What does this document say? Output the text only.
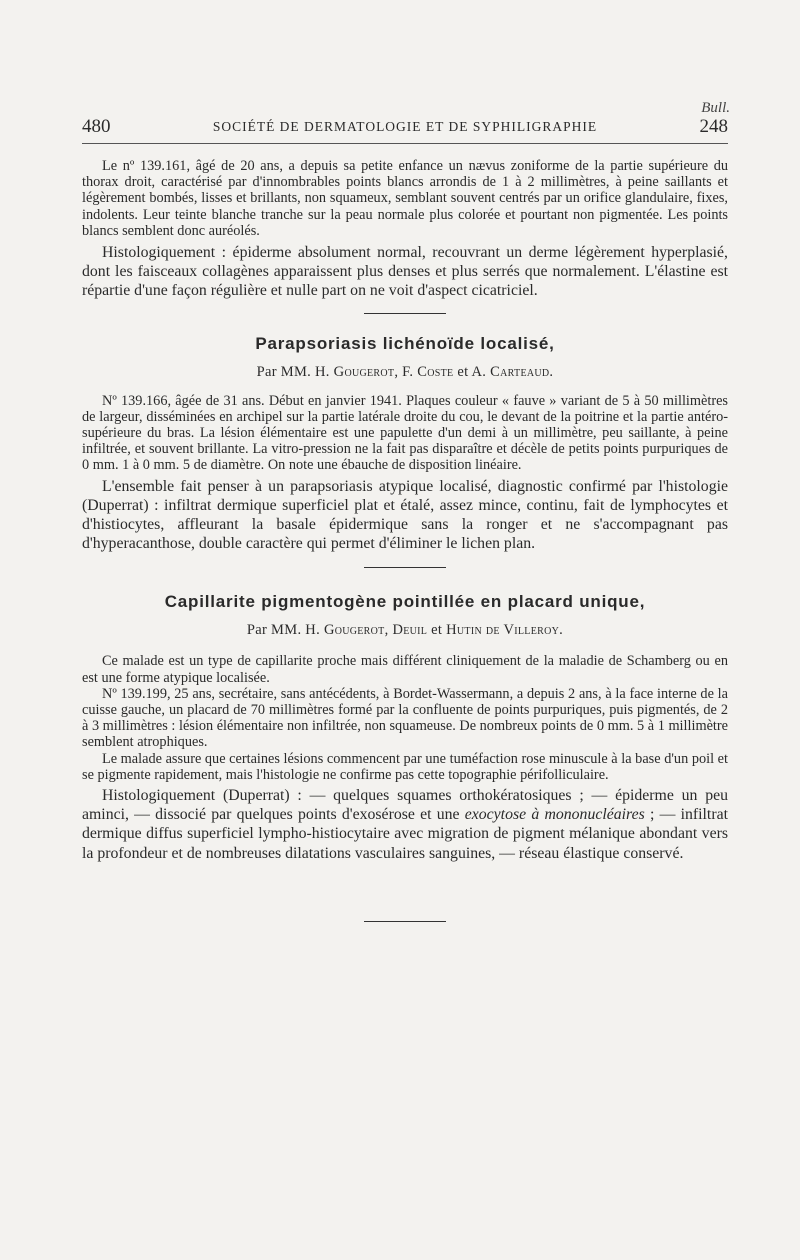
Bull.
480	SOCIÉTÉ DE DERMATOLOGIE ET DE SYPHILIGRAPHIE	248

Le nº 139.161, âgé de 20 ans, a depuis sa petite enfance un nævus zoniforme de la partie supérieure du thorax droit, caractérisé par d'innombrables points blancs arrondis de 1 à 2 millimètres, à peine saillants et légèrement bombés, lisses et brillants, non squameux, semblant souvent centrés par un orifice glandulaire, fixes, indolents. Leur teinte blanche tranche sur la peau normale plus colorée et pourtant non pigmentée. Les points blancs semblent donc auréolés.

Histologiquement : épiderme absolument normal, recouvrant un derme légèrement hyperplasié, dont les faisceaux collagènes apparaissent plus denses et plus serrés que normalement. L'élastine est répartie d'une façon régulière et nulle part on ne voit d'aspect cicatriciel.

Parapsoriasis lichénoïde localisé,
Par MM. H. Gougerot, F. Coste et A. Carteaud.

Nº 139.166, âgée de 31 ans. Début en janvier 1941. Plaques couleur « fauve » variant de 5 à 50 millimètres de largeur, disséminées en archipel sur la partie latérale droite du cou, le devant de la poitrine et la partie antéro-supérieure du bras. La lésion élémentaire est une papulette d'un demi à un millimètre, peu saillante, à peine infiltrée, et souvent brillante. La vitro-pression ne la fait pas disparaître et décèle de petits points purpuriques de 0 mm. 1 à 0 mm. 5 de diamètre. On note une ébauche de disposition linéaire.

L'ensemble fait penser à un parapsoriasis atypique localisé, diagnostic confirmé par l'histologie (Duperrat) : infiltrat dermique superficiel plat et étalé, assez mince, continu, fait de lymphocytes et d'histiocytes, affleurant la basale épidermique sans la ronger et ne s'accompagnant pas d'hyperacanthose, double caractère qui permet d'éliminer le lichen plan.

Capillarite pigmentogène pointillée en placard unique,
Par MM. H. Gougerot, Deuil et Hutin de Villeroy.

Ce malade est un type de capillarite proche mais différent cliniquement de la maladie de Schamberg ou en est une forme atypique localisée.

Nº 139.199, 25 ans, secrétaire, sans antécédents, à Bordet-Wassermann, a depuis 2 ans, à la face interne de la cuisse gauche, un placard de 70 millimètres formé par la confluente de points purpuriques, puis pigmentés, de 2 à 3 millimètres : lésion élémentaire non infiltrée, non squameuse. De nombreux points de 0 mm. 5 à 1 millimètre semblent atrophiques.

Le malade assure que certaines lésions commencent par une tuméfaction rose minuscule à la base d'un poil et se pigmente rapidement, mais l'histologie ne confirme pas cette topographie périfolliculaire.

Histologiquement (Duperrat) : — quelques squames orthokératosiques ; — épiderme un peu aminci, — dissocié par quelques points d'exosérose et une exocytose à mononucléaires ; — infiltrat dermique diffus superficiel lympho-histiocytaire avec migration de pigment mélanique abondant vers la profondeur et de nombreuses dilatations vasculaires sanguines, — réseau élastique conservé.
